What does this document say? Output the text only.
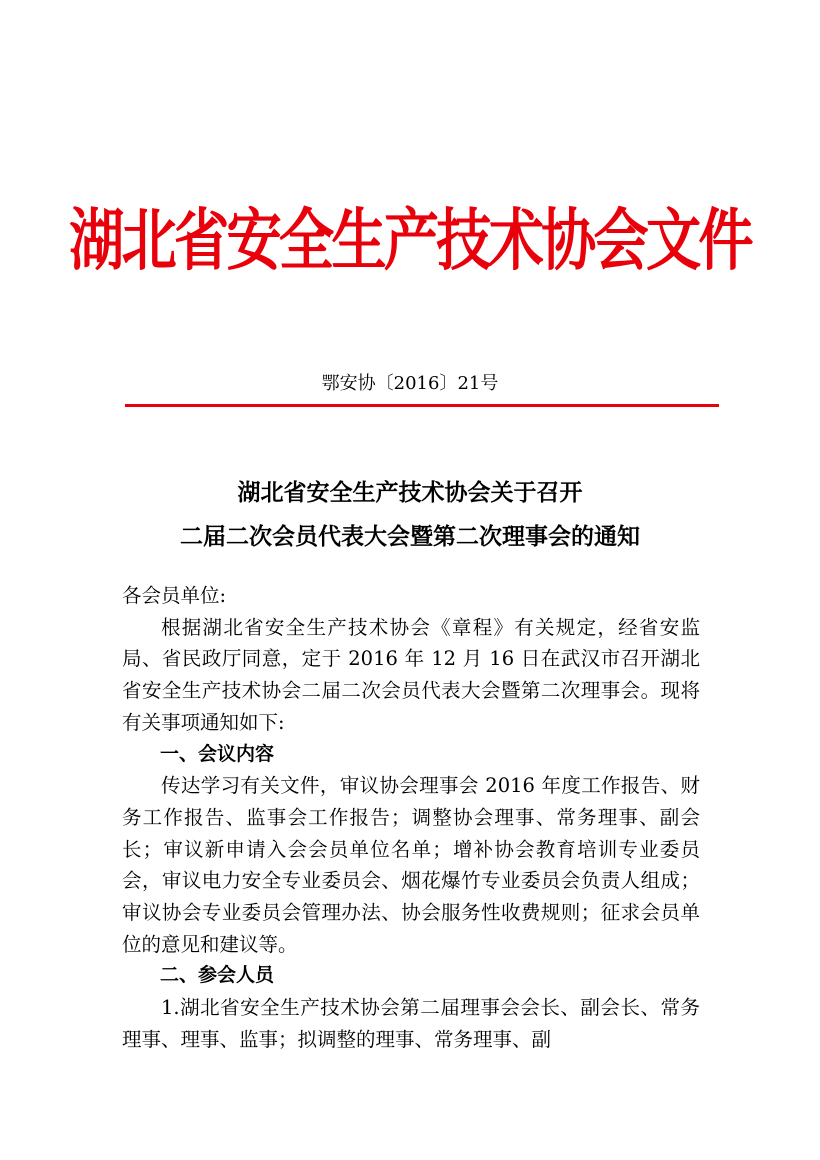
湖北省安全生产技术协会文件
鄂安协〔2016〕21号
湖北省安全生产技术协会关于召开
二届二次会员代表大会暨第二次理事会的通知

各会员单位:

根据湖北省安全生产技术协会《章程》有关规定，经省安监局、省民政厅同意，定于 2016 年 12 月 16 日在武汉市召开湖北省安全生产技术协会二届二次会员代表大会暨第二次理事会。现将有关事项通知如下:

一、会议内容

传达学习有关文件，审议协会理事会 2016 年度工作报告、财务工作报告、监事会工作报告；调整协会理事、常务理事、副会长；审议新申请入会会员单位名单；增补协会教育培训专业委员会，审议电力安全专业委员会、烟花爆竹专业委员会负责人组成；审议协会专业委员会管理办法、协会服务性收费规则；征求会员单位的意见和建议等。

二、参会人员

1.湖北省安全生产技术协会第二届理事会会长、副会长、常务理事、理事、监事；拟调整的理事、常务理事、副
